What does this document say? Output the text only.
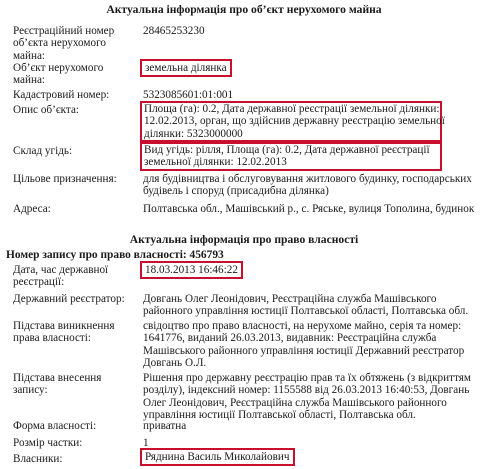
Актуальна інформація про об’єкт нерухомого майна
Реєстраційний номер
об’єкта нерухомого
майна:
28465253230
Об’єкт нерухомого
майна:
земельна ділянка
Кадастровий номер:	5323085601:01:001
Опис об’єкта:	Площа (га): 0.2, Дата державної реєстрації земельної ділянки:
12.02.2013, орган, що здійснив державну реєстрацію земельної
ділянки: 5323000000
Склад угідь:	Вид угідь: рілля, Площа (га): 0.2, Дата державної реєстрації
земельної ділянки: 12.02.2013
Цільове призначення:	для будівництва і обслуговування житлового будинку, господарських
будівель і споруд (присадибна ділянка)
Адреса:	Полтавська обл., Машівський р., с. Ряське, вулиця Тополина, будинок
Актуальна інформація про право власності
Номер запису про право власності: 456793
Дата, час державної
реєстрації:
18.03.2013 16:46:22
Державний реєстратор:	Довгань Олег Леонідович, Реєстраційна служба Машівського
районного управління юстиції Полтавської області, Полтавська обл.
Підстава виникнення
права власності:
свідоцтво про право власності, на нерухоме майно, серія та номер:
1641776, виданий 26.03.2013, видавник: Реєстраційна служба
Машівського районного управління юстиції Державний реєстратор
Довгань О.Л.
Підстава внесення
запису:
Рішення про державну реєстрацію прав та їх обтяжень (з відкриттям
розділу), індексний номер: 1155588 від 26.03.2013 16:40:53, Довгань
Олег Леонідович, Реєстраційна служба Машівського районного
управління юстиції Полтавської області, Полтавська обл.
Форма власності:	приватна
Розмір частки:	1
Власники:	Ряднина Василь Миколайович
